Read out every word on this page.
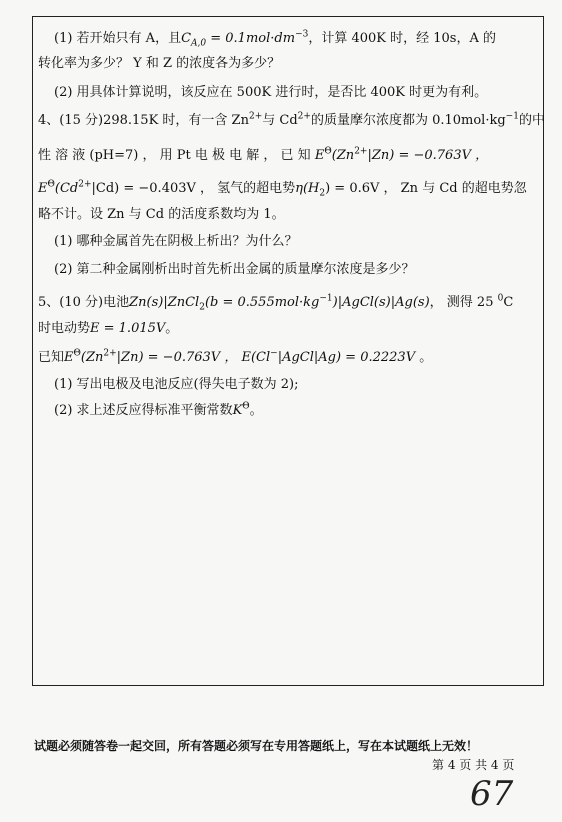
(1) 若开始只有 A，且$C_{A,0} = 0.1mol\cdot dm^{-3}$，计算 400K 时，经 10s，A 的
转化率为多少？ Y 和 Z 的浓度各为多少？
(2) 用具体计算说明，该反应在 500K 进行时，是否比 400K 时更为有利。
4、(15 分)298.15K 时，有一含 $Zn^{2+}$与 $Cd^{2+}$的质量摩尔浓度都为 $0.10mol\cdot kg^{-1}$的中
性 溶 液 (pH=7) ， 用 Pt 电 极 电 解 ， 已 知 $E^\Theta(Zn^{2+}|Zn) = -0.763V$ ，
$E^\Theta(Cd^{2+}|Cd) = -0.403V$ ， 氢气的超电势$\eta(H_2) = 0.6V$ ， Zn 与 Cd 的超电势忽
略不计。设 Zn 与 Cd 的活度系数均为 1。
(1) 哪种金属首先在阴极上析出？为什么？
(2) 第二种金属刚析出时首先析出金属的质量摩尔浓度是多少？
5、(10 分)电池Zn(s)|ZnCl$_2$(b = $0.555mol\cdot kg^{-1})|AgCl(s)|Ag(s)$， 测得 25 $^0$C
时电动势E = 1.015V。
已知$E^\Theta(Zn^{2+}|Zn) = -0.763V$ ， E(Cl−|AgCl|Ag) = 0.2223V 。
(1) 写出电极及电池反应(得失电子数为 2);
(2) 求上述反应得标准平衡常数$K^\Theta$。
试题必须随答卷一起交回，所有答题必须写在专用答题纸上，写在本试题纸上无效！
第 4 页 共 4 页
67
